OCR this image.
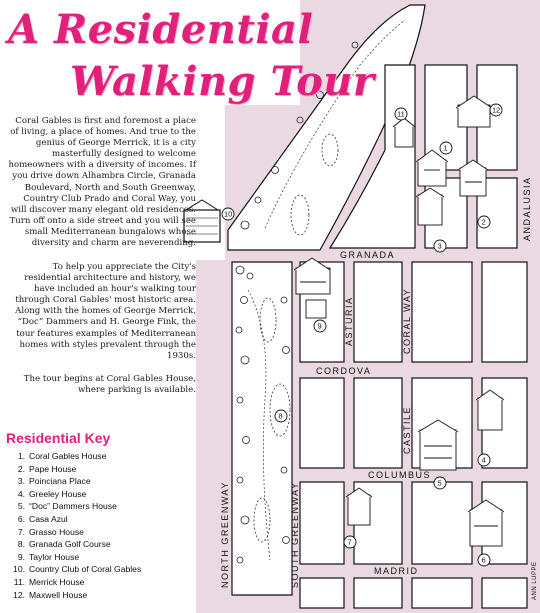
GRANADA
CORDOVA
COLUMBUS
MADRID
ASTURIA	CORAL WAY
CASTILE
ANDALUSIA
NORTH GREENWAY	SOUTH GREENWAY	ANN LUPPE
1
2
3
4
5
6
7
8
9
10
11	12
A Residential
Walking Tour

Coral Gables is first and foremost a place of living, a place of homes. And true to the genius of George Merrick, it is a city masterfully designed to welcome homeowners with a diversity of incomes. If you drive down Alhambra Circle, Granada Boulevard, North and South Greenway, Country Club Prado and Coral Way, you will discover many elegant old residences. Turn off onto a side street and you will see small Mediterranean bungalows whose diversity and charm are neverending.

To help you appreciate the City's residential architecture and history, we have included an hour's walking tour through Coral Gables' most historic area. Along with the homes of George Merrick, “Doc” Dammers and H. George Fink, the tour features examples of Mediterranean homes with styles prevalent through the 1930s.

The tour begins at Coral Gables House, where parking is available.

Residential Key
1. Coral Gables House
2. Pape House
3. Poinciana Place
4. Greeley House
5. “Doc” Dammers House
6. Casa Azul
7. Grasso House
8. Granada Golf Course
9. Taylor House
10. Country Club of Coral Gables
11. Merrick House
12. Maxwell House
